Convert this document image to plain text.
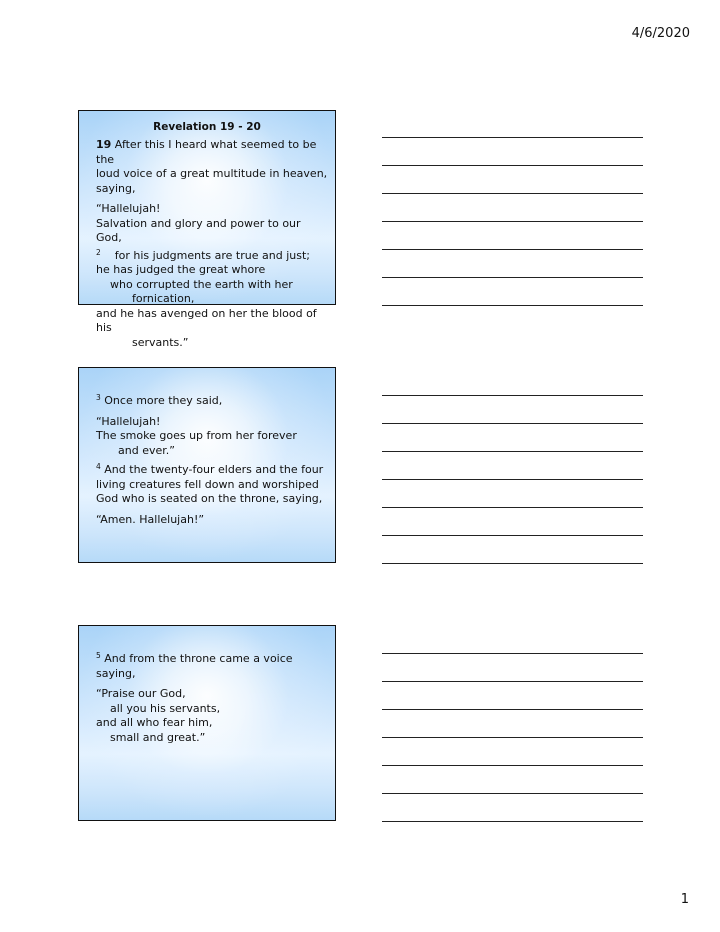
4/6/2020
Revelation 19 - 20

19 After this I heard what seemed to be the

loud voice of a great multitude in heaven,

saying,

“Hallelujah!

Salvation and glory and power to our God,

$^2$ for his judgments are true and just;

he has judged the great whore

who corrupted the earth with her

fornication,

and he has avenged on her the blood of his

servants.”

$^3$ Once more they said,

“Hallelujah!

The smoke goes up from her forever

and ever.”

$^4$ And the twenty-four elders and the four

living creatures fell down and worshiped

God who is seated on the throne, saying,

“Amen. Hallelujah!”

$^5$ And from the throne came a voice

saying,

“Praise our God,

all you his servants,

and all who fear him,

small and great.”

1
